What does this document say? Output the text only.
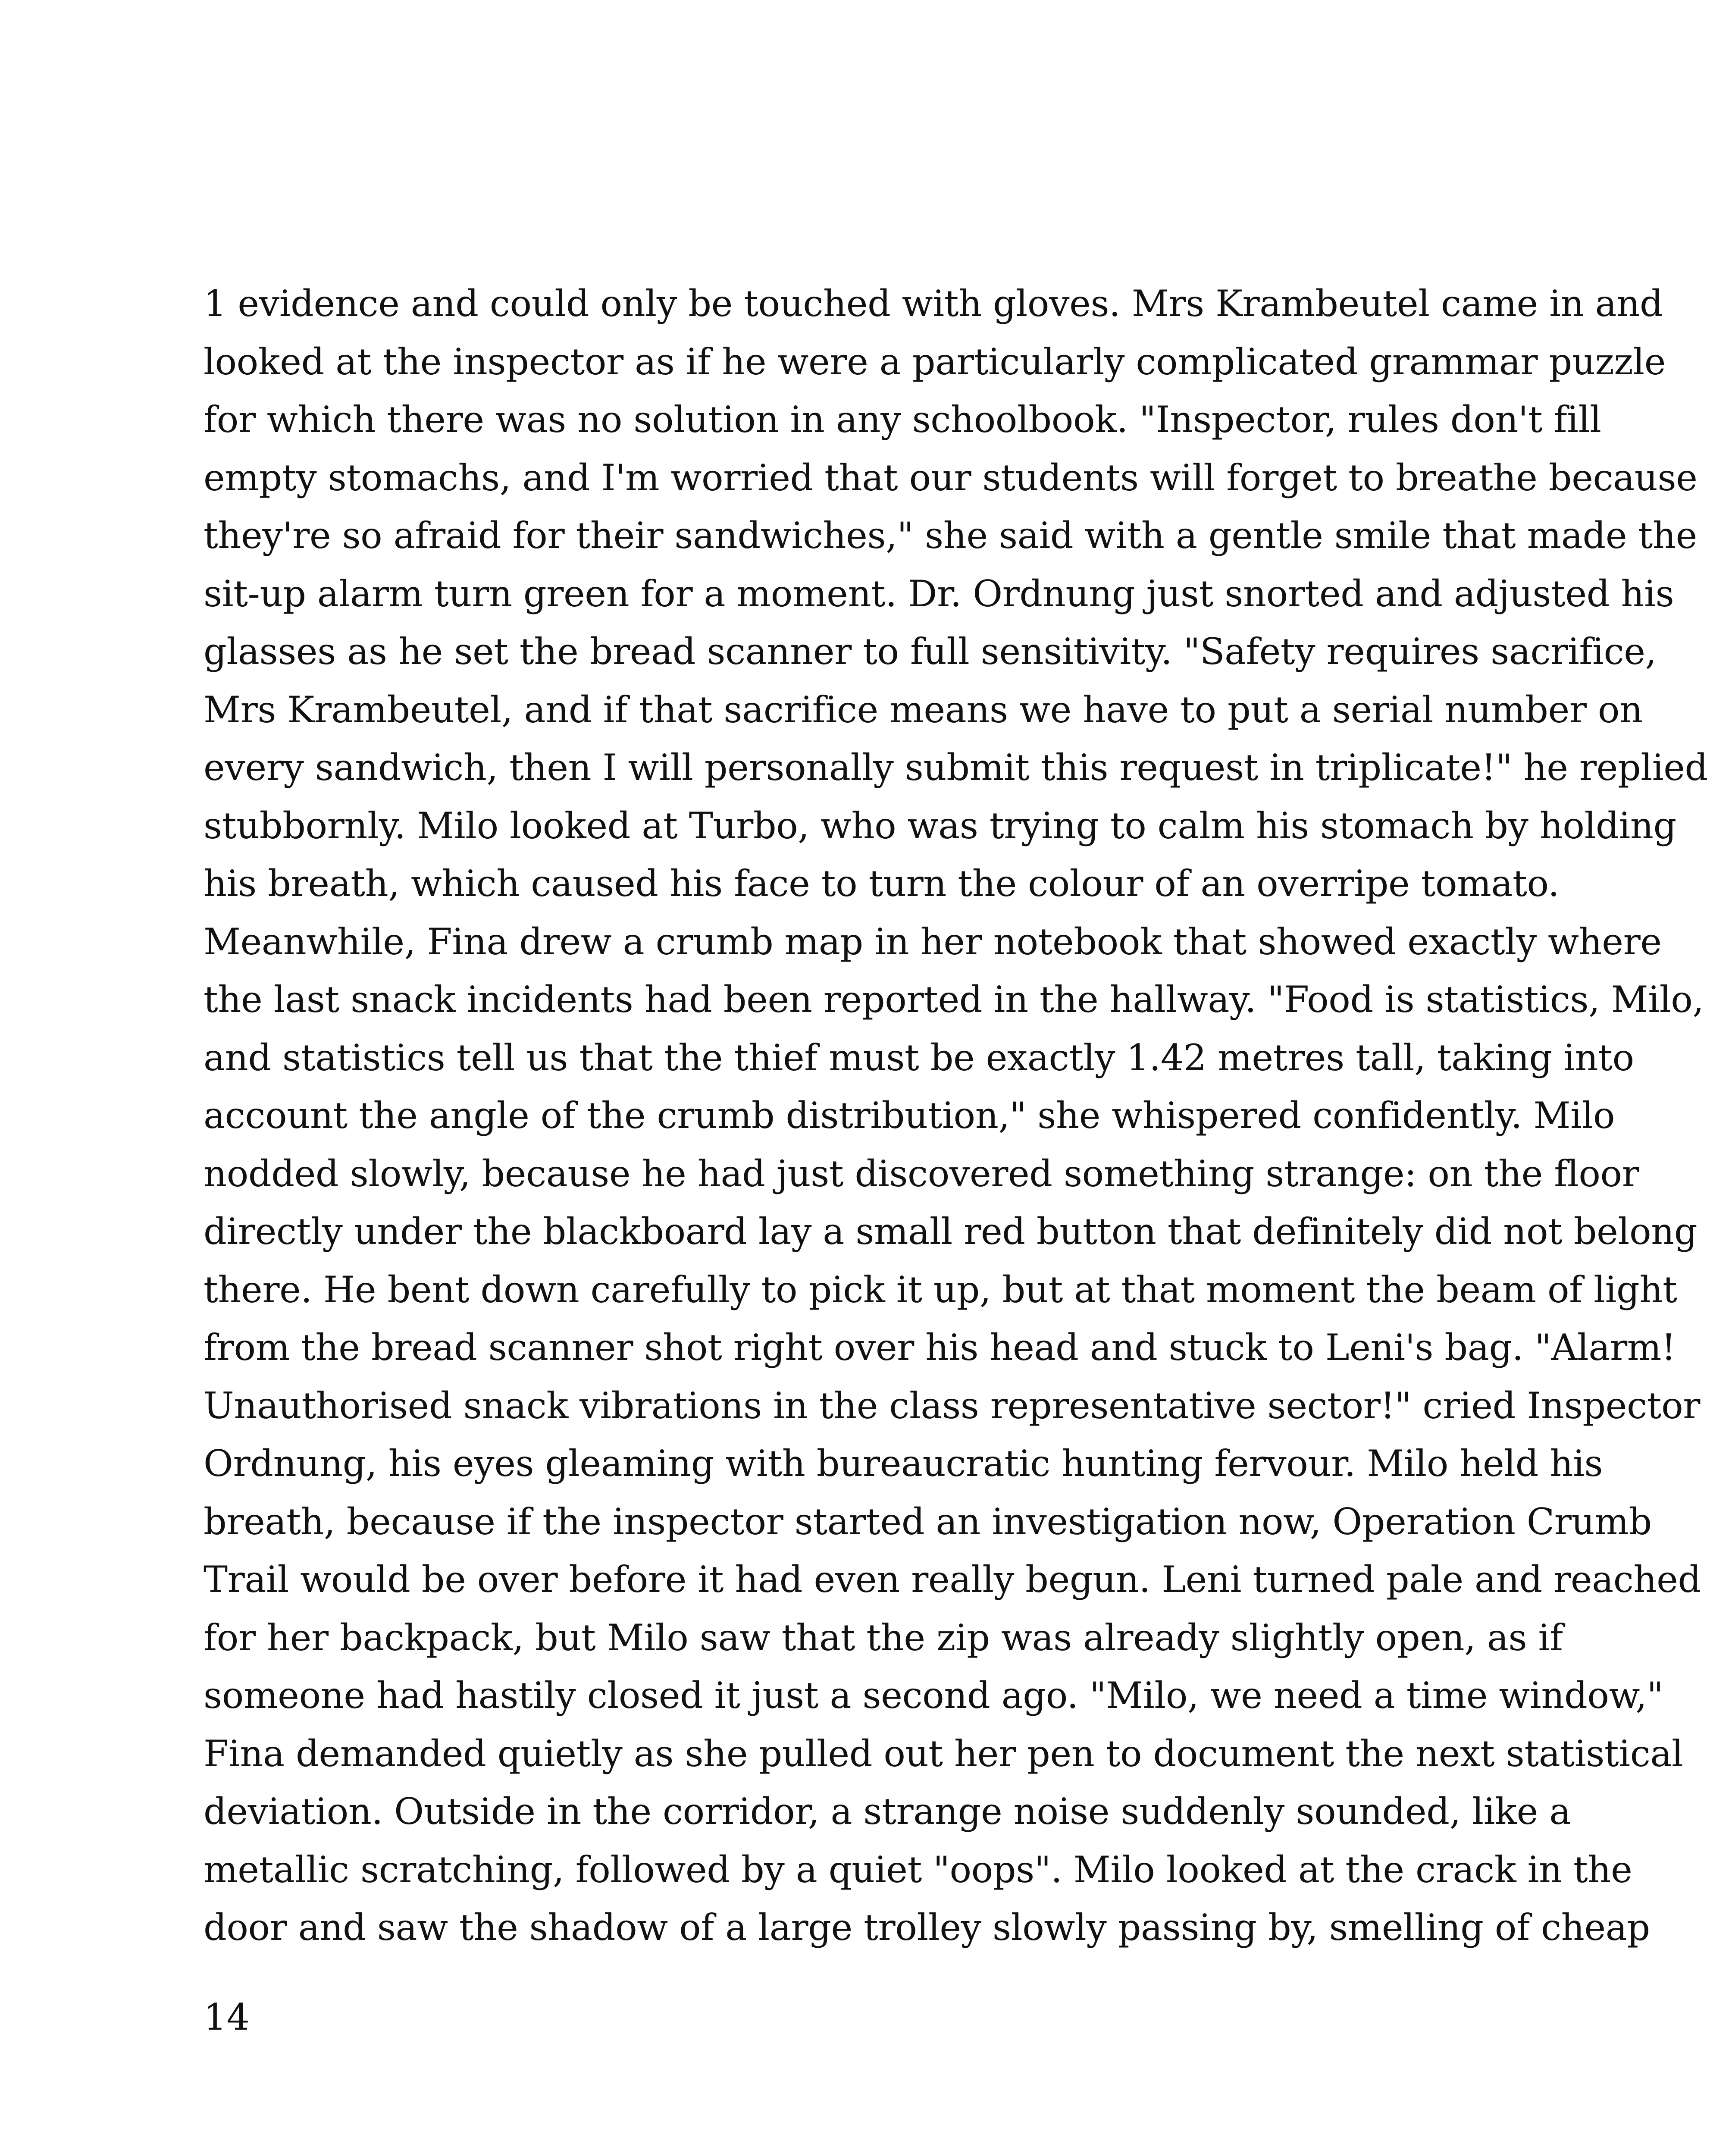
1 evidence and could only be touched with gloves. Mrs Krambeutel came in and
looked at the inspector as if he were a particularly complicated grammar puzzle
for which there was no solution in any schoolbook. "Inspector, rules don't fill
empty stomachs, and I'm worried that our students will forget to breathe because
they're so afraid for their sandwiches," she said with a gentle smile that made the
sit-up alarm turn green for a moment. Dr. Ordnung just snorted and adjusted his
glasses as he set the bread scanner to full sensitivity. "Safety requires sacrifice,
Mrs Krambeutel, and if that sacrifice means we have to put a serial number on
every sandwich, then I will personally submit this request in triplicate!" he replied
stubbornly. Milo looked at Turbo, who was trying to calm his stomach by holding
his breath, which caused his face to turn the colour of an overripe tomato.
Meanwhile, Fina drew a crumb map in her notebook that showed exactly where
the last snack incidents had been reported in the hallway. "Food is statistics, Milo,
and statistics tell us that the thief must be exactly 1.42 metres tall, taking into
account the angle of the crumb distribution," she whispered confidently. Milo
nodded slowly, because he had just discovered something strange: on the floor
directly under the blackboard lay a small red button that definitely did not belong
there. He bent down carefully to pick it up, but at that moment the beam of light
from the bread scanner shot right over his head and stuck to Leni's bag. "Alarm!
Unauthorised snack vibrations in the class representative sector!" cried Inspector
Ordnung, his eyes gleaming with bureaucratic hunting fervour. Milo held his
breath, because if the inspector started an investigation now, Operation Crumb
Trail would be over before it had even really begun. Leni turned pale and reached
for her backpack, but Milo saw that the zip was already slightly open, as if
someone had hastily closed it just a second ago. "Milo, we need a time window,"
Fina demanded quietly as she pulled out her pen to document the next statistical
deviation. Outside in the corridor, a strange noise suddenly sounded, like a
metallic scratching, followed by a quiet "oops". Milo looked at the crack in the
door and saw the shadow of a large trolley slowly passing by, smelling of cheap
14
